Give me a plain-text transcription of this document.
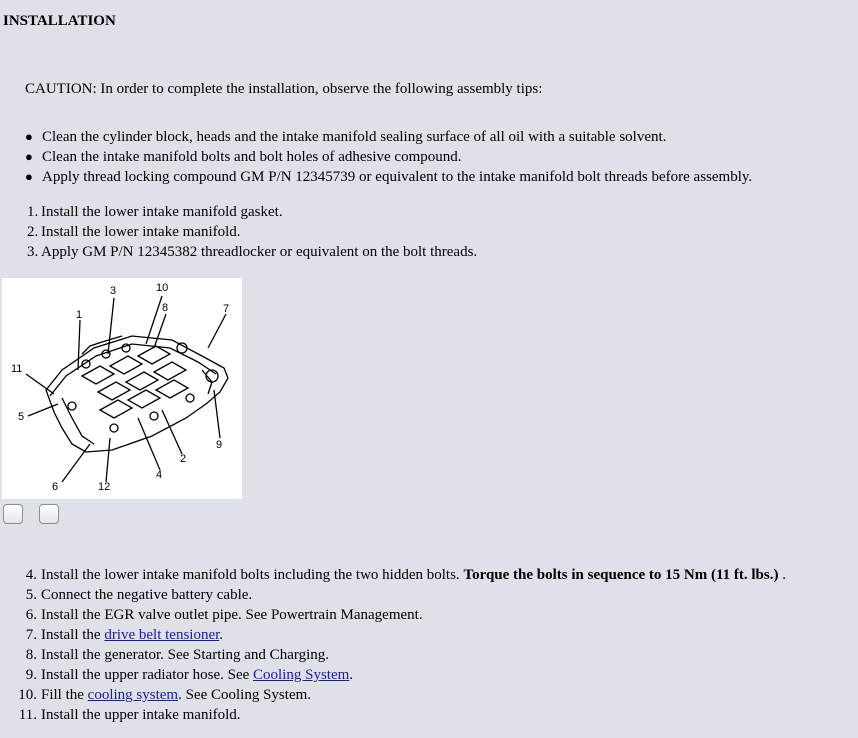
INSTALLATION
CAUTION: In order to complete the installation, observe the following assembly tips:
● Clean the cylinder block, heads and the intake manifold sealing surface of all oil with a suitable solvent.
● Clean the intake manifold bolts and bolt holes of adhesive compound.
● Apply thread locking compound GM P/N 12345739 or equivalent to the intake manifold bolt threads before assembly.
1. Install the lower intake manifold gasket.
2. Install the lower intake manifold.
3. Apply GM P/N 12345382 threadlocker or equivalent on the bolt threads.
1
3	10
8	7
11
5
6	12
4
2
9
4. Install the lower intake manifold bolts including the two hidden bolts. Torque the bolts in sequence to 15 Nm (11 ft. lbs.) .
5. Connect the negative battery cable.
6. Install the EGR valve outlet pipe. See Powertrain Management.
7. Install the drive belt tensioner.
8. Install the generator. See Starting and Charging.
9. Install the upper radiator hose. See Cooling System.
10. Fill the cooling system. See Cooling System.
11. Install the upper intake manifold.
